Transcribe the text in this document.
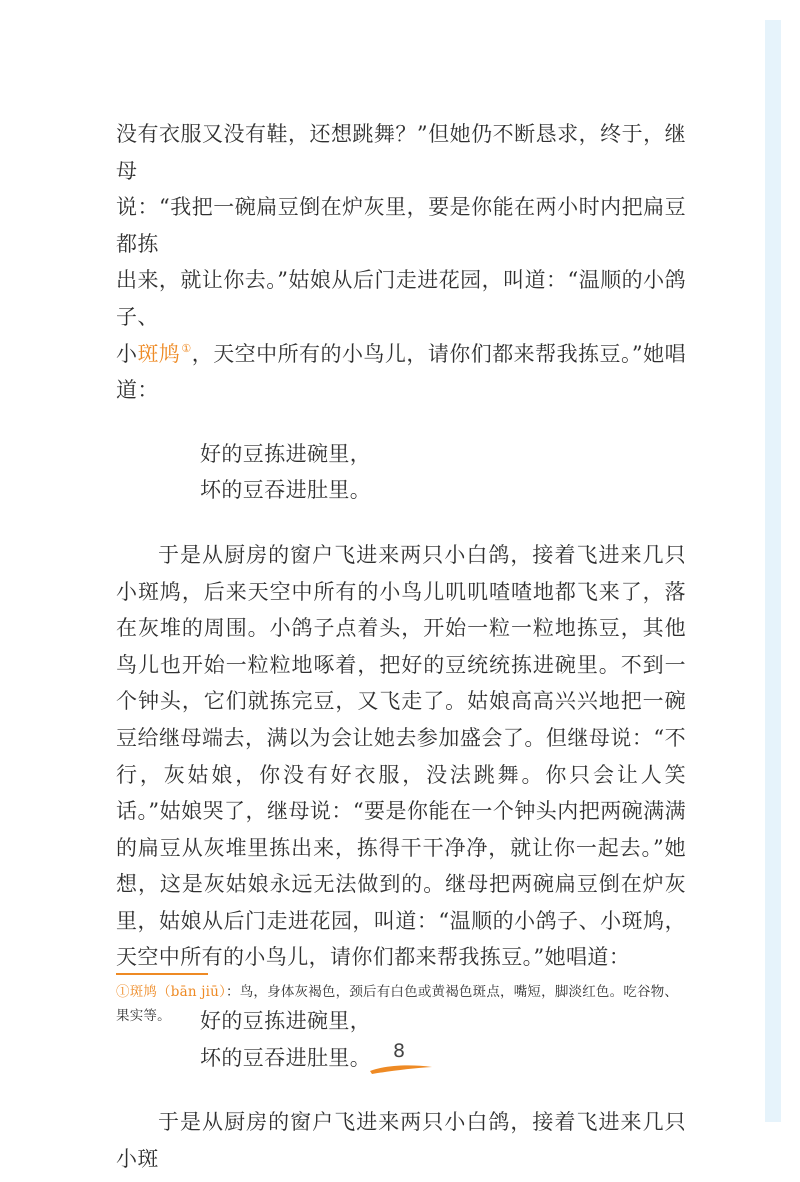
没有衣服又没有鞋，还想跳舞？”但她仍不断恳求，终于，继母
说：“我把一碗扁豆倒在炉灰里，要是你能在两小时内把扁豆都拣
出来，就让你去。”姑娘从后门走进花园，叫道：“温顺的小鸽子、
小斑鸠①，天空中所有的小鸟儿，请你们都来帮我拣豆。”她唱道：

好的豆拣进碗里，

坏的豆吞进肚里。

于是从厨房的窗户飞进来两只小白鸽，接着飞进来几只小斑鸠，后来天空中所有的小鸟儿叽叽喳喳地都飞来了，落在灰堆的周围。小鸽子点着头，开始一粒一粒地拣豆，其他鸟儿也开始一粒粒地啄着，把好的豆统统拣进碗里。不到一个钟头，它们就拣完豆，又飞走了。姑娘高高兴兴地把一碗豆给继母端去，满以为会让她去参加盛会了。但继母说：“不行，灰姑娘，你没有好衣服，没法跳舞。你只会让人笑话。”姑娘哭了，继母说：“要是你能在一个钟头内把两碗满满的扁豆从灰堆里拣出来，拣得干干净净，就让你一起去。”她想，这是灰姑娘永远无法做到的。继母把两碗扁豆倒在炉灰里，姑娘从后门走进花园，叫道：“温顺的小鸽子、小斑鸠，天空中所有的小鸟儿，请你们都来帮我拣豆。”她唱道：

好的豆拣进碗里，

坏的豆吞进肚里。

于是从厨房的窗户飞进来两只小白鸽，接着飞进来几只小斑

①斑鸠（bān jiū）：鸟，身体灰褐色，颈后有白色或黄褐色斑点，嘴短，脚淡红色。吃谷物、果实等。
8
